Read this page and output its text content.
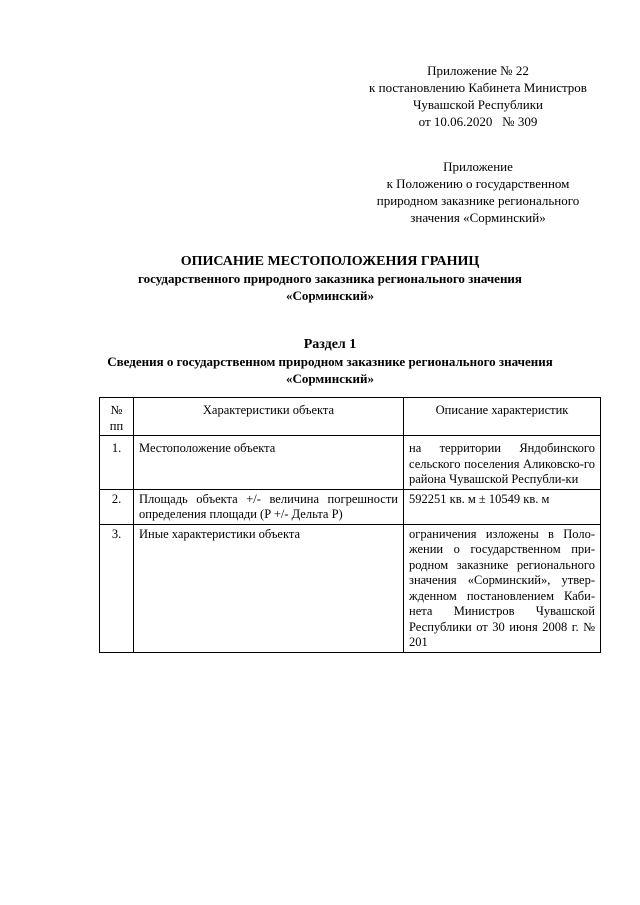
Приложение № 22
к постановлению Кабинета Министров
Чувашской Республики
от 10.06.2020   № 309
Приложение
к Положению о государственном
природном заказнике регионального
значения «Сорминский»
ОПИСАНИЕ МЕСТОПОЛОЖЕНИЯ ГРАНИЦ
государственного природного заказника регионального значения
«Сорминский»
Раздел 1
Сведения о государственном природном заказнике регионального значения
«Сорминский»
№ пп	Характеристики объекта	Описание характеристик
1.	Местоположение объекта	на территории Яндобинского сельского поселения Аликовско-го района Чувашской Республи-ки
2.	Площадь объекта +/- величина погрешности определения площади (P +/- Дельта P)	592251 кв. м ± 10549 кв. м
3.	Иные характеристики объекта	ограничения изложены в Поло-жении о государственном при-родном заказнике регионального значения «Сорминский», утвер-жденном постановлением Каби-нета Министров Чувашской Республики от 30 июня 2008 г. № 201
